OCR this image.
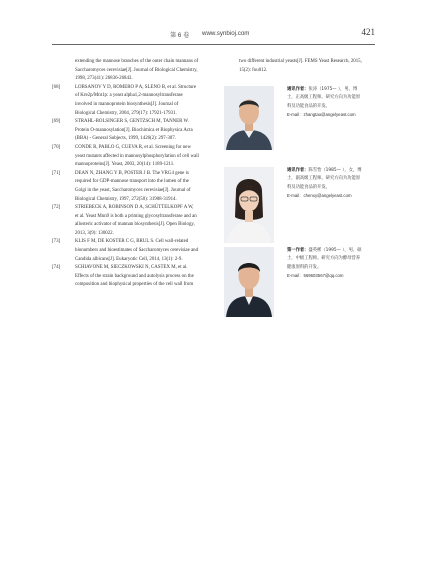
第 6 卷 www.synbioj.com	421
extending the mannose branches of the outer chain mannans of
Saccharomyces cerevisiae[J]. Journal of Biological Chemistry,
1998, 273(41): 26836-26843.
[68]	LOBSANOV Y D, ROMERO P A, SLENO B, et al. Structure
of Kre2p/Mnt1p: a yeast alpha1,2-mannosyltransferase
involved in mannoprotein biosynthesis[J]. Journal of
Biological Chemistry, 2004, 279(17): 17921-17931.
[69]	STRAHL-BOLSINGER S, GENTZSCH M, TANNER W.
Protein O-mannosylation[J]. Biochimica et Biophysica Acta
(BBA) - General Subjects, 1999, 1426(2): 297-307.
[70]	CONDE R, PABLO G, CUEVA R, et al. Screening for new
yeast mutants affected in mannosylphosphorylation of cell wall
mannoproteins[J]. Yeast, 2003, 20(14): 1189-1211.
[71]	DEAN N, ZHANG Y B, POSTER J B. The VRG4 gene is
required for GDP-mannose transport into the lumen of the
Golgi in the yeast, Saccharomyces cerevisiae[J]. Journal of
Biological Chemistry, 1997, 272(50): 31908-31914.
[72]	STRIEBECK A, ROBINSON D A, SCHÜTTELKOPF A W,
et al. Yeast Mnn9 is both a priming glycosyltransferase and an
allosteric activator of mannan biosynthesis[J]. Open Biology,
2013, 3(9): 130022.
[73]	KLIS F M, DE KOSTER C G, BRUL S. Cell wall-related
bionumbers and bioestimates of Saccharomyces cerevisiae and
Candida albicans[J]. Eukaryotic Cell, 2014, 13(1): 2-9.
[74]	SCHIAVONE M, SIECZKOWSKI N, CASTEX M, et al.
Effects of the strain background and autolysis process on the
composition and biophysical properties of the cell wall from
two different industrial yeasts[J]. FEMS Yeast Research, 2015,
15(2): fou012.
通讯作者：张涛（1975— ），男，博
士，正高级工程师。研究方向为功能原
料及功能食品的开发。
E-mail：zhangtao@angelyeast.com
通讯作者：陈雪怡（1985— ），女，博
士，副高级工程师。研究方向为功能原
料及功能食品的开发。
E-mail：chenxy@angelyeast.com
第一作者：盛英彬（1995— ），男，硕
士，中级工程师。研究方向为酵母营养
健康原料的开发。
E-mail：569603567@qq.com
